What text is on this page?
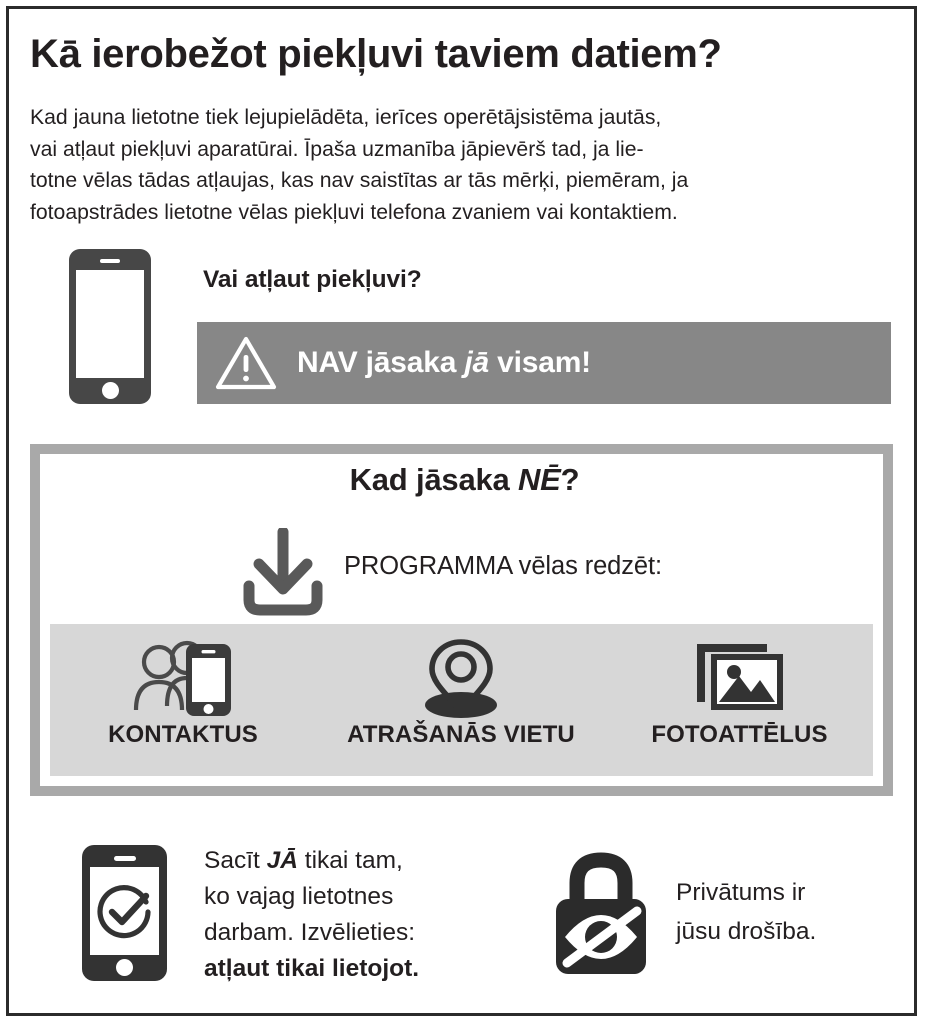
Kā ierobežot piekļuvi taviem datiem?
Kad jauna lietotne tiek lejupielādēta, ierīces operētājsistēma jautās,
vai atļaut piekļuvi aparatūrai. Īpaša uzmanība jāpievērš tad, ja lie-
totne vēlas tādas atļaujas, kas nav saistītas ar tās mērķi, piemēram, ja
fotoapstrādes lietotne vēlas piekļuvi telefona zvaniem vai kontaktiem.
Vai atļaut piekļuvi?
NAV jāsaka jā visam!
Kad jāsaka NĒ?
PROGRAMMA vēlas redzēt:
KONTAKTUS	ATRAŠANĀS VIETU	FOTOATTĒLUS
Sacīt JĀ tikai tam,
ko vajag lietotnes
darbam. Izvēlieties:
atļaut tikai lietojot.
Privātums ir
jūsu drošība.
